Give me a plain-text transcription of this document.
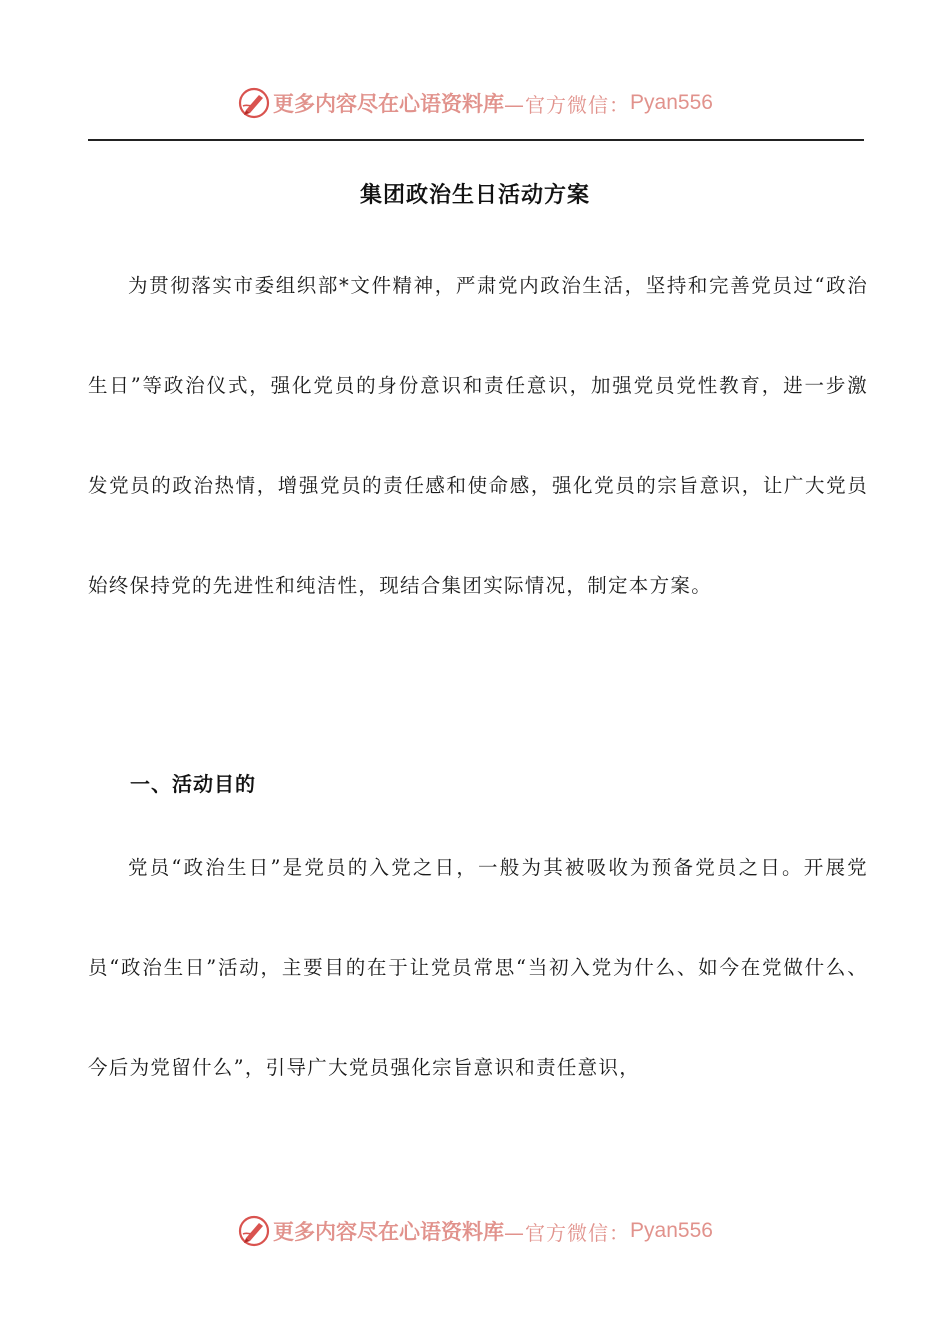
更多内容尽在心语资料库 —官方微信： Pyan556
集团政治生日活动方案

为贯彻落实市委组织部*文件精神，严肃党内政治生活，坚持和完善党员过“政治生日”等政治仪式，强化党员的身份意识和责任意识，加强党员党性教育，进一步激发党员的政治热情，增强党员的责任感和使命感，强化党员的宗旨意识，让广大党员始终保持党的先进性和纯洁性，现结合集团实际情况，制定本方案。

一、活动目的

党员“政治生日”是党员的入党之日，一般为其被吸收为预备党员之日。开展党员“政治生日”活动，主要目的在于让党员常思“当初入党为什么、如今在党做什么、今后为党留什么”，引导广大党员强化宗旨意识和责任意识，

更多内容尽在心语资料库 —官方微信： Pyan556
